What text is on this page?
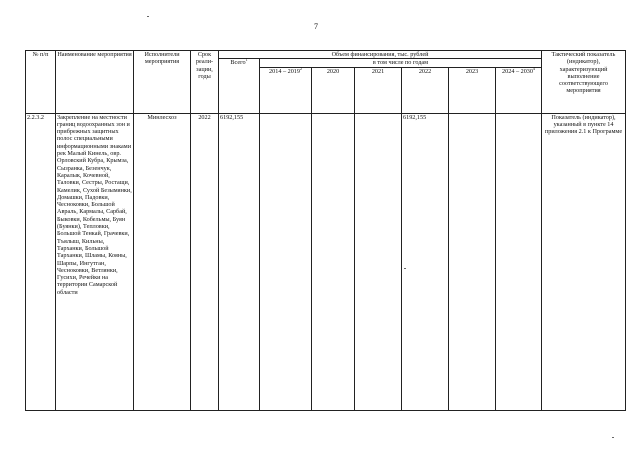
7
№ п/п	Наименование мероприятия	Исполнители мероприятия	Срок реали-зации, годы	Объем финансирования, тыс. рублей							Тактический показатель (индикатор), характеризующий выполнение соответствующего мероприятия
				Всего$^1$	в том числе по годам						
					2014 – 2019$^2$	2020	2021	2022	2023	2024 – 2030$^4$
2.2.3.2	Закрепление на местности границ водоохранных зон и прибрежных защитных полос специальными информационными знаками рек Малый Кинель, овр. Орловский Кубра, Крымза, Сызранка, Безенчук, Каралык, Кочевной, Таловки, Сестры, Ростащи, Камелик, Сухой Безымянки, Домашки, Падовки, Чесноковки, Большой Авраль, Кармалы, Сарбай, Быковки, Кобельмы, Буян (Буянки), Тепловки, Большой Тенкай, Грачевки, Тъялыш, Кильны, Тарханки, Большой Тарханки, Шламы, Кояны, Шарпы, Ингутган, Чесноковки, Ветлянки, Гусихи, Речейки на территории Самарской области	Минлесхоз	2022	6192,155				6192,155			Показатель (индикатор), указанный в пункте 14 приложения 2.1 к Программе
